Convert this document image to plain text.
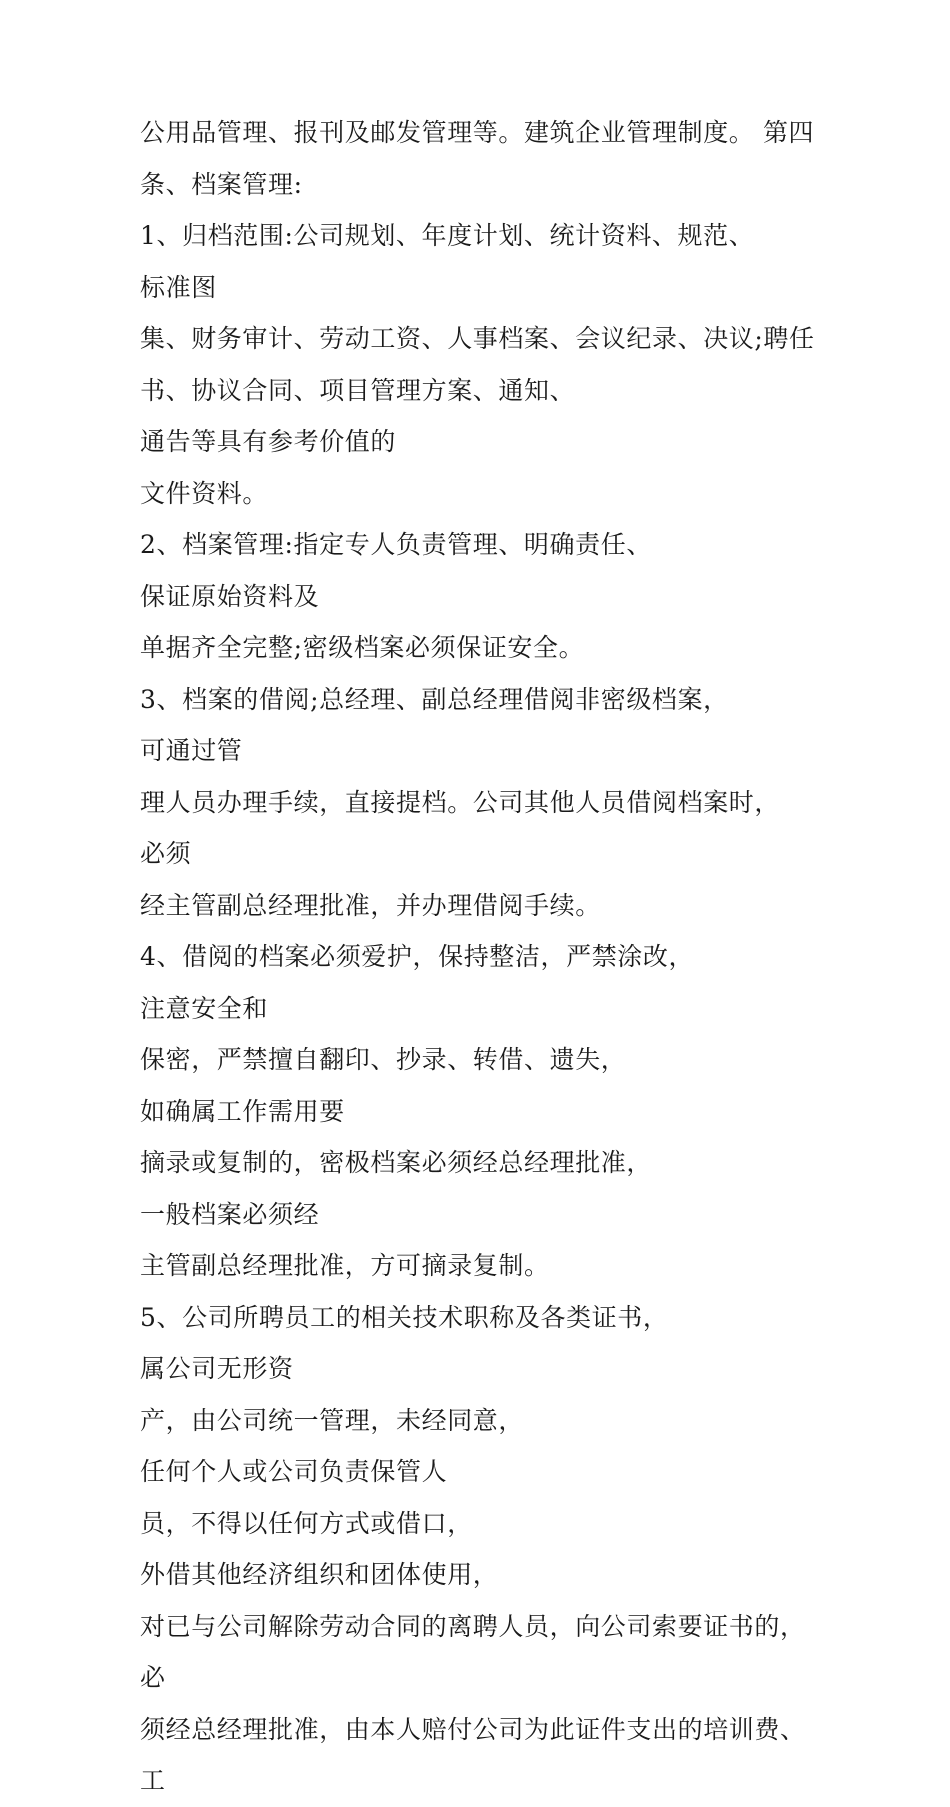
公用品管理、报刊及邮发管理等。建筑企业管理制度。 第四
条、档案管理:

1、归档范围:公司规划、年度计划、统计资料、规范、标准图
集、财务审计、劳动工资、人事档案、会议纪录、决议;聘任
书、协议合同、项目管理方案、通知、通告等具有参考价值的
文件资料。

2、档案管理:指定专人负责管理、明确责任、保证原始资料及
单据齐全完整;密级档案必须保证安全。

3、档案的借阅;总经理、副总经理借阅非密级档案，可通过管
理人员办理手续，直接提档。公司其他人员借阅档案时，必须
经主管副总经理批准，并办理借阅手续。

4、借阅的档案必须爱护，保持整洁，严禁涂改，注意安全和
保密，严禁擅自翻印、抄录、转借、遗失，如确属工作需用要
摘录或复制的，密极档案必须经总经理批准，一般档案必须经
主管副总经理批准，方可摘录复制。

5、公司所聘员工的相关技术职称及各类证书，属公司无形资
产，由公司统一管理，未经同意，任何个人或公司负责保管人
员，不得以任何方式或借口，外借其他经济组织和团体使用，
对已与公司解除劳动合同的离聘人员，向公司索要证书的，必
须经总经理批准，由本人赔付公司为此证件支出的培训费、工
